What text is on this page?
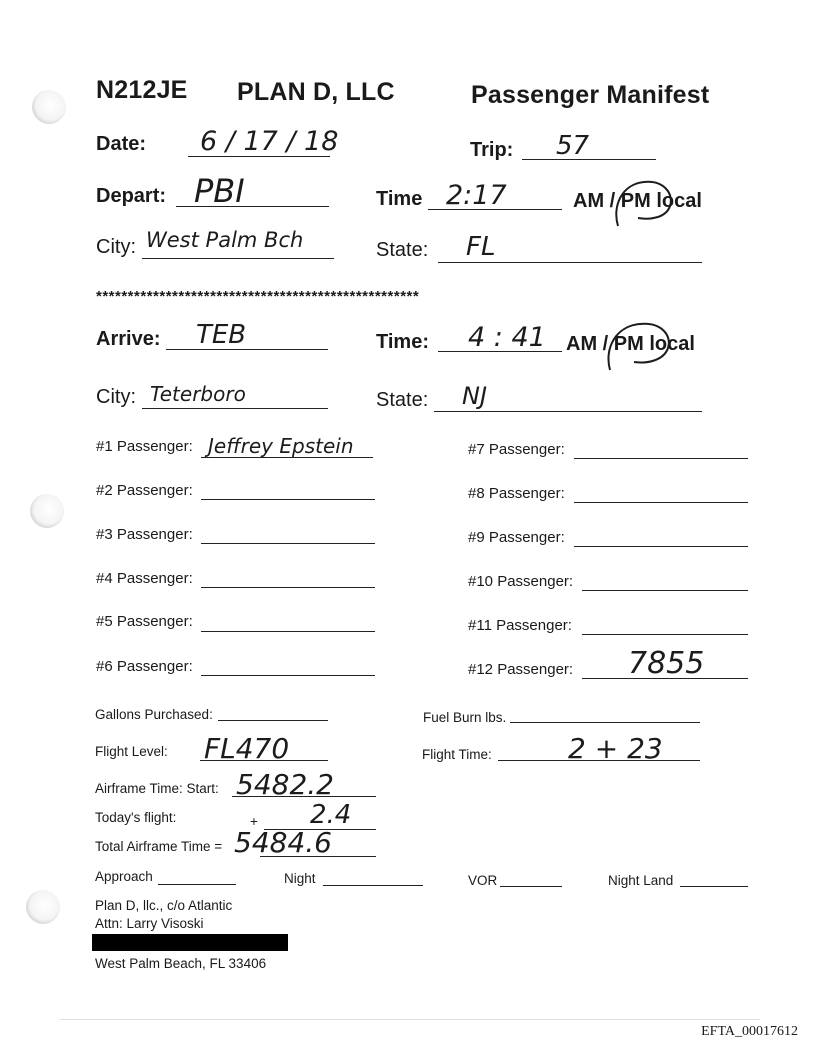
N212JE PLAN D, LLC	Passenger Manifest
Date: 6 / 17 / 18	Trip: 57
Depart: PBI	Time 2:17	AM / PM local
City: West Palm Bch	State: FL
***************************************************
Arrive: TEB	Time: 4 : 41 AM / PM local
City: Teterboro	State: NJ
#1 Passenger: Jeffrey Epstein
#2 Passenger:
#3 Passenger:
#4 Passenger:
#5 Passenger:
#6 Passenger:
#7 Passenger:
#8 Passenger:
#9 Passenger:
#10 Passenger:
#11 Passenger:
#12 Passenger: 7855
Gallons Purchased:	Fuel Burn lbs.
Flight Level: FL470	Flight Time:	2 + 23
Airframe Time: Start: 5482.2
Today's flight:	+ 2.4
Total Airframe Time = 5484.6
Approach	Night	VOR	Night Land
Plan D, llc., c/o Atlantic
Attn: Larry Visoski
West Palm Beach, FL 33406
EFTA_00017612
